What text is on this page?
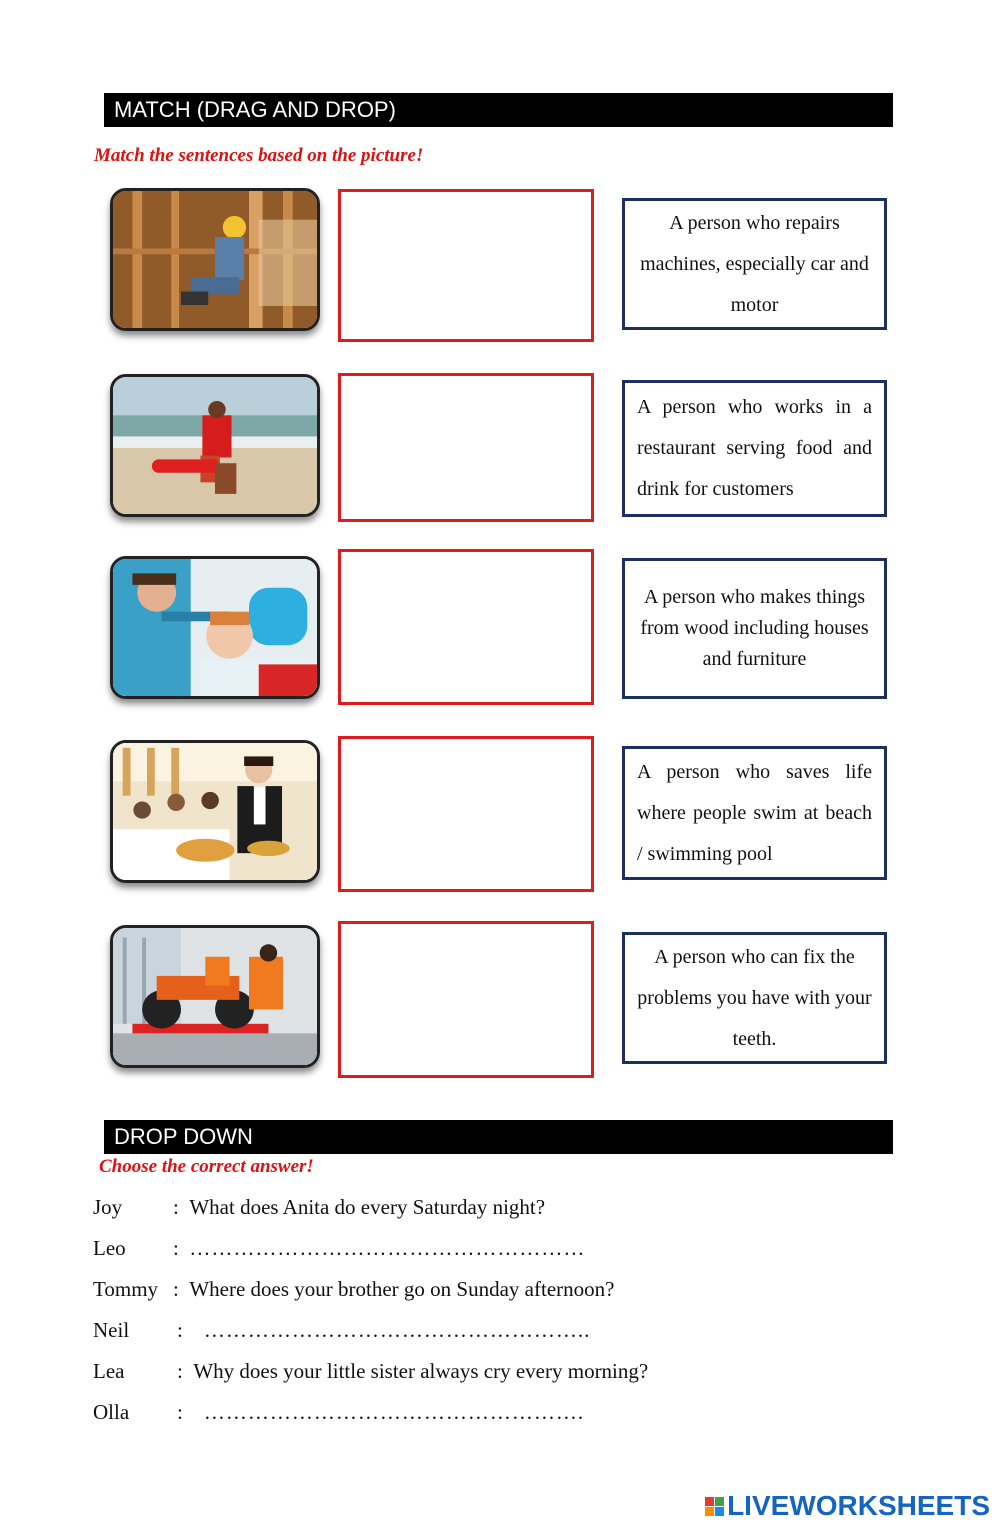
MATCH (DRAG AND DROP)
Match the sentences based on the picture!
A person who repairs machines, especially car and motor
A person who works in a restaurant serving food and drink for customers
A person who makes things from wood including houses and furniture
A person who saves life where people swim at beach / swimming pool
A person who can fix the problems you have with your teeth.
DROP DOWN
Choose the correct answer!
Joy : What does Anita do every Saturday night?
Leo : ………………………………………………
Tommy : Where does your brother go on Sunday afternoon?
Neil : ……………………………………………..
Lea	: Why does your little sister always cry every morning?
Olla : …………………………………………….
LIVEWORKSHEETS
